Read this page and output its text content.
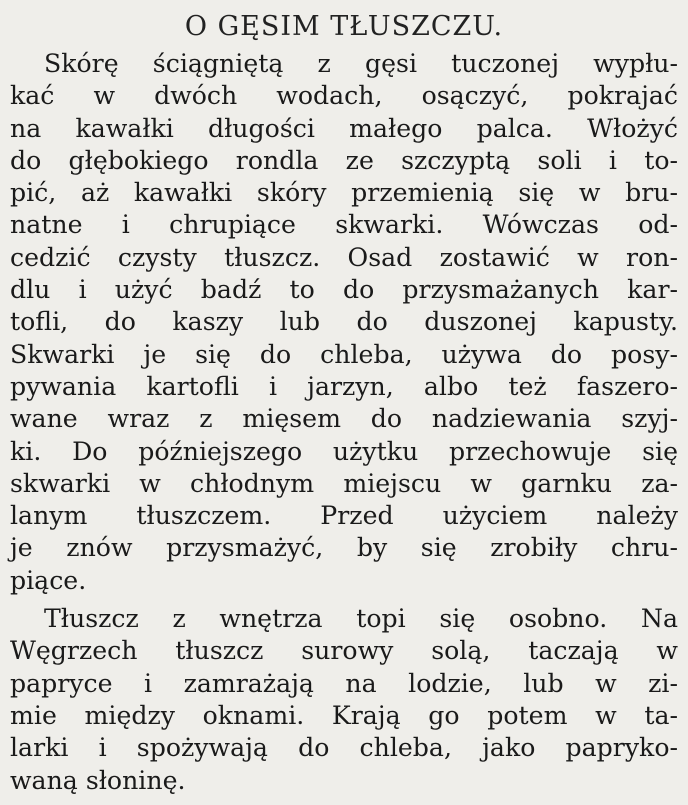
O GĘSIM TŁUSZCZU.
Skórę ściągniętą z gęsi tuczonej wypłu-
kać w dwóch wodach, osączyć, pokrajać
na kawałki długości małego palca. Włożyć
do głębokiego rondla ze szczyptą soli i to-
pić, aż kawałki skóry przemienią się w bru-
natne i chrupiące skwarki. Wówczas od-
cedzić czysty tłuszcz. Osad zostawić w ron-
dlu i użyć badź to do przysmażanych kar-
tofli, do kaszy lub do duszonej kapusty.
Skwarki je się do chleba, używa do posy-
pywania kartofli i jarzyn, albo też faszero-
wane wraz z mięsem do nadziewania szyj-
ki. Do późniejszego użytku przechowuje się
skwarki w chłodnym miejscu w garnku za-
lanym tłuszczem. Przed użyciem należy
je znów przysmażyć, by się zrobiły chru-
piące.
Tłuszcz z wnętrza topi się osobno. Na
Węgrzech tłuszcz surowy solą, taczają w
papryce i zamrażają na lodzie, lub w zi-
mie między oknami. Krają go potem w ta-
larki i spożywają do chleba, jako papryko-
waną słoninę.
